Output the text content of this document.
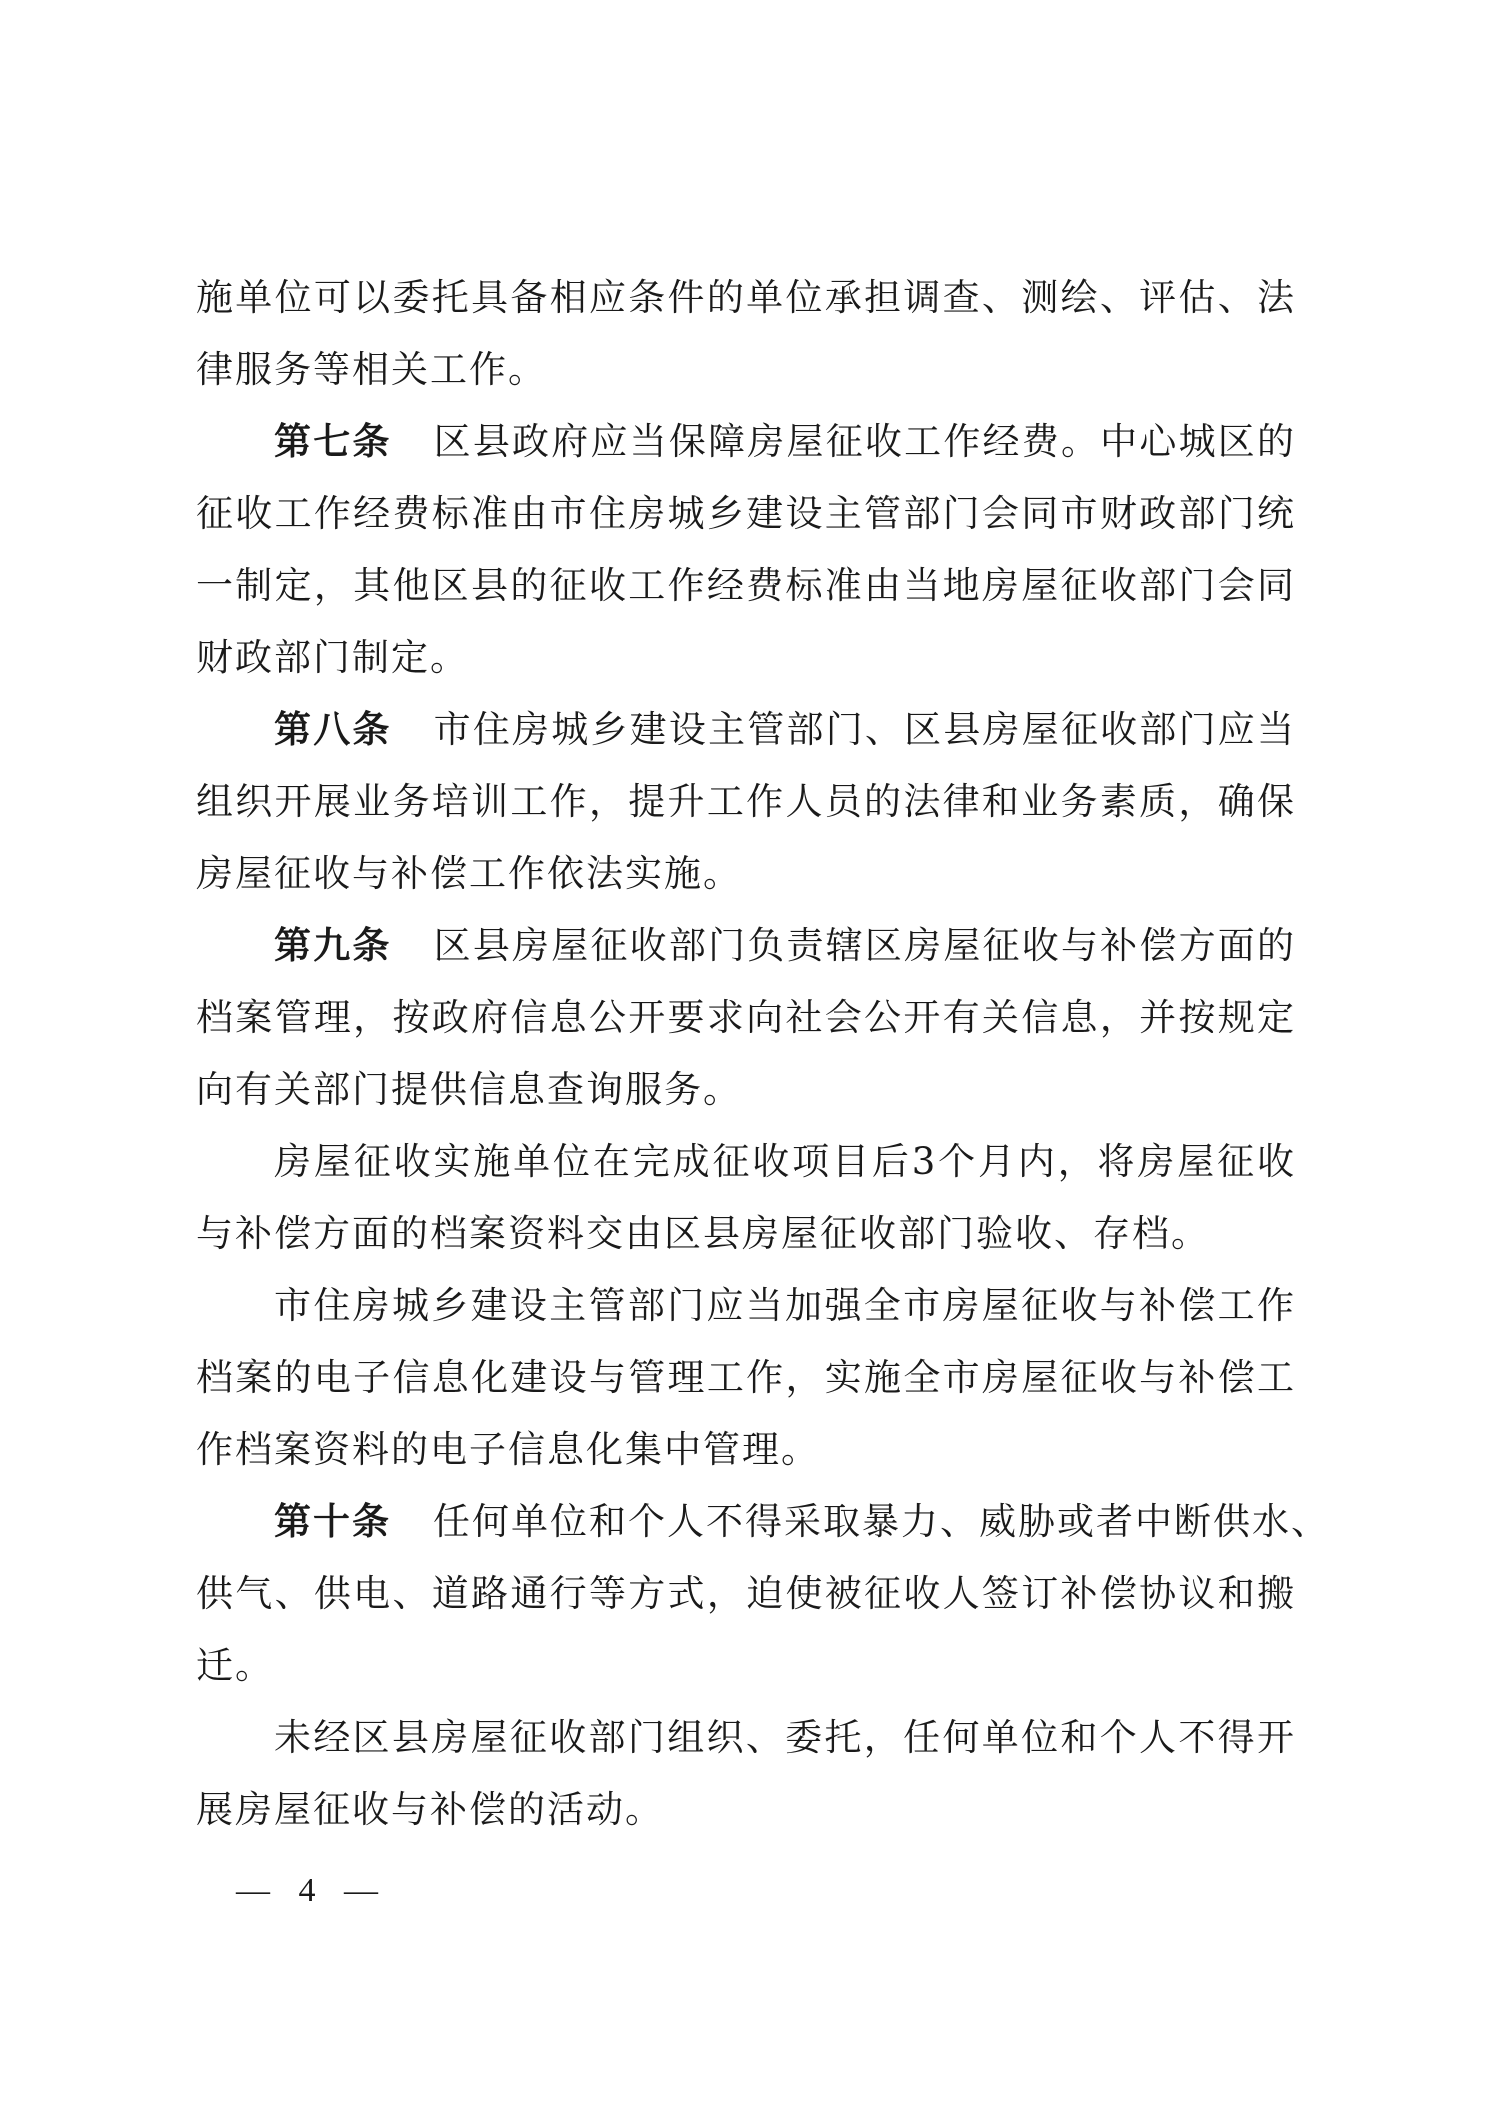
施单位可以委托具备相应条件的单位承担调查、测绘、评估、法
律服务等相关工作。
第七条 区县政府应当保障房屋征收工作经费。中心城区的
征收工作经费标准由市住房城乡建设主管部门会同市财政部门统
一制定，其他区县的征收工作经费标准由当地房屋征收部门会同
财政部门制定。
第八条 市住房城乡建设主管部门、区县房屋征收部门应当
组织开展业务培训工作，提升工作人员的法律和业务素质，确保
房屋征收与补偿工作依法实施。
第九条 区县房屋征收部门负责辖区房屋征收与补偿方面的
档案管理，按政府信息公开要求向社会公开有关信息，并按规定
向有关部门提供信息查询服务。
房屋征收实施单位在完成征收项目后3个月内，将房屋征收
与补偿方面的档案资料交由区县房屋征收部门验收、存档。
市住房城乡建设主管部门应当加强全市房屋征收与补偿工作
档案的电子信息化建设与管理工作，实施全市房屋征收与补偿工
作档案资料的电子信息化集中管理。
第十条 任何单位和个人不得采取暴力、威胁或者中断供水、
供气、供电、道路通行等方式，迫使被征收人签订补偿协议和搬
迁。
未经区县房屋征收部门组织、委托，任何单位和个人不得开
展房屋征收与补偿的活动。
— 4 —
